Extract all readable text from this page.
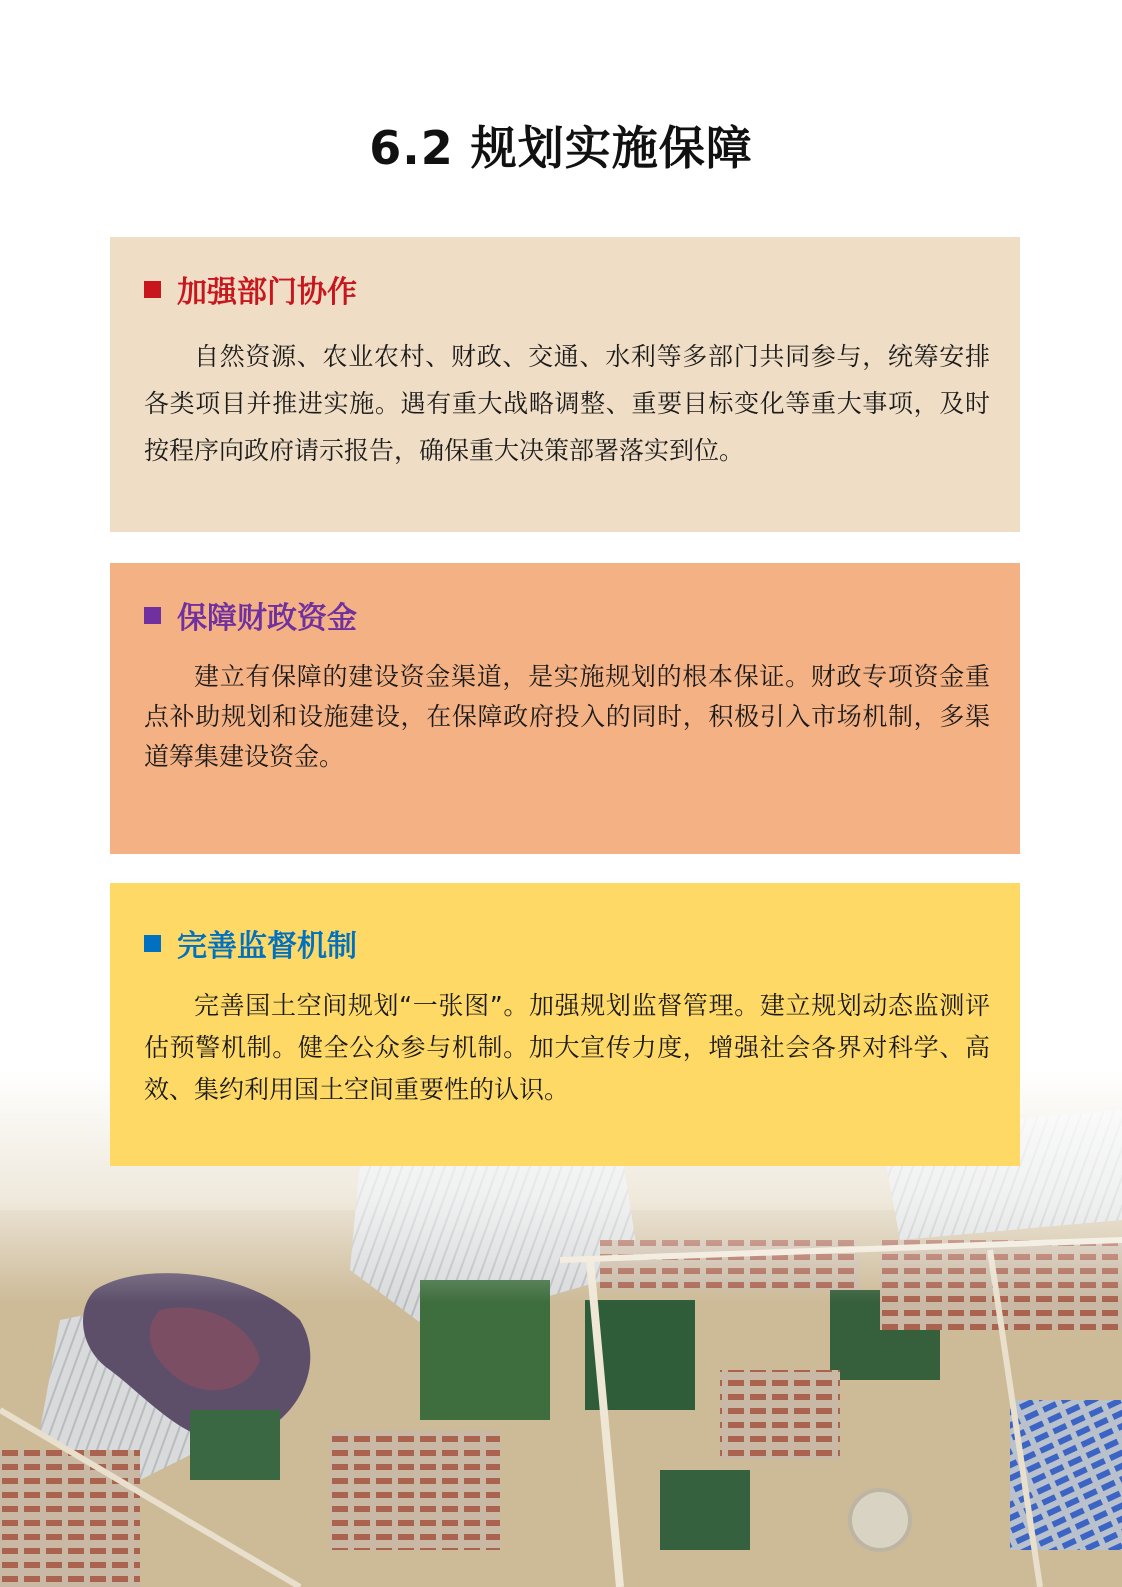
6.2 规划实施保障
加强部门协作
自然资源、农业农村、财政、交通、水利等多部门共同参与，统筹安排各类项目并推进实施。遇有重大战略调整、重要目标变化等重大事项，及时按程序向政府请示报告，确保重大决策部署落实到位。
保障财政资金
建立有保障的建设资金渠道，是实施规划的根本保证。财政专项资金重点补助规划和设施建设，在保障政府投入的同时，积极引入市场机制，多渠道筹集建设资金。
完善监督机制
完善国土空间规划“一张图”。加强规划监督管理。建立规划动态监测评估预警机制。健全公众参与机制。加大宣传力度，增强社会各界对科学、高效、集约利用国土空间重要性的认识。
